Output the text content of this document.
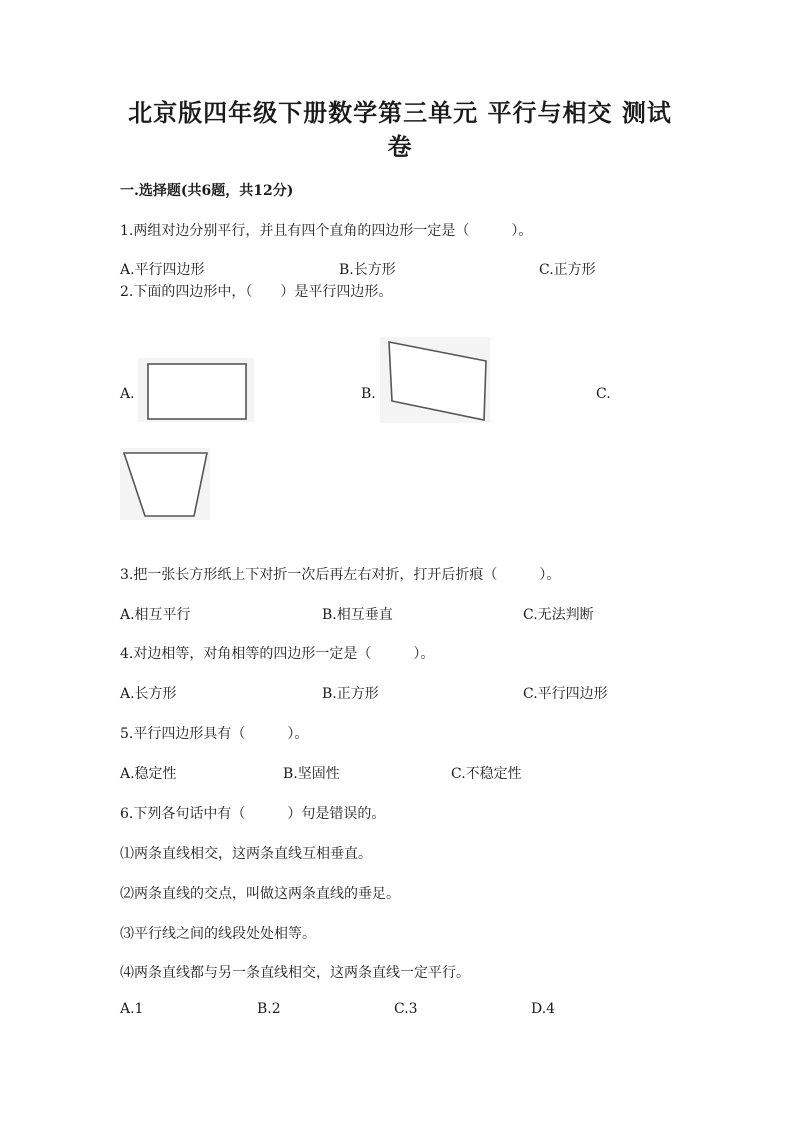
北京版四年级下册数学第三单元 平行与相交 测试
卷
一.选择题(共6题，共12分)
1.两组对边分别平行，并且有四个直角的四边形一定是（　　　）。
A.平行四边形	B.长方形	C.正方形
2.下面的四边形中，（　　）是平行四边形。
A.	B.	C.
3.把一张长方形纸上下对折一次后再左右对折，打开后折痕（　　　）。
A.相互平行	B.相互垂直	C.无法判断
4.对边相等，对角相等的四边形一定是（　　　）。
A.长方形	B.正方形	C.平行四边形
5.平行四边形具有（　　　）。
A.稳定性	B.坚固性	C.不稳定性
6.下列各句话中有（　　　）句是错误的。
⑴两条直线相交，这两条直线互相垂直。
⑵两条直线的交点，叫做这两条直线的垂足。
⑶平行线之间的线段处处相等。
⑷两条直线都与另一条直线相交，这两条直线一定平行。
A.1	B.2	C.3	D.4
